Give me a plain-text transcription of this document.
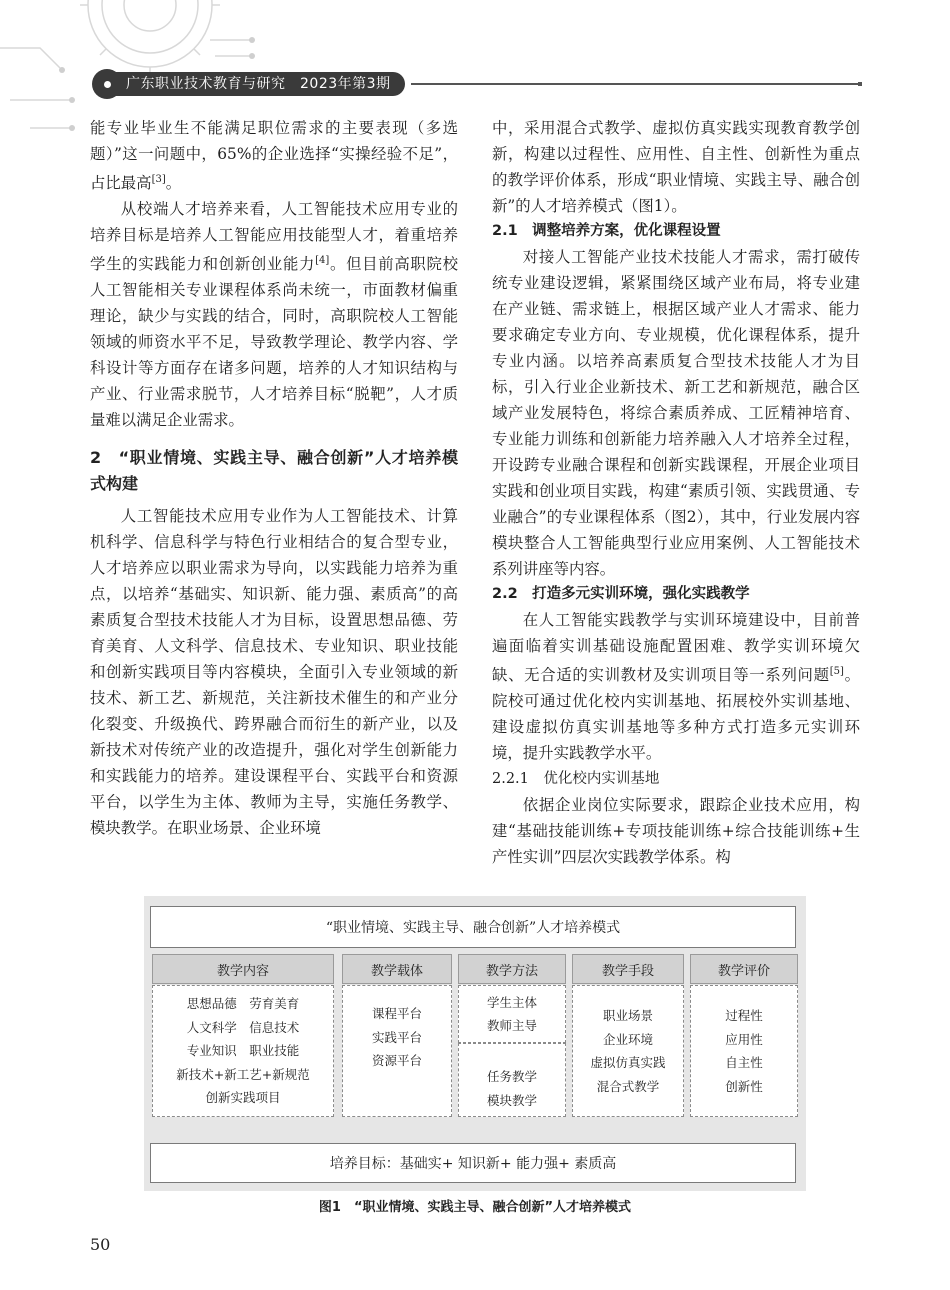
广东职业技术教育与研究  2023年第3期

能专业毕业生不能满足职位需求的主要表现（多选题）”这一问题中，65%的企业选择“实操经验不足”，占比最高[3]。

从校端人才培养来看，人工智能技术应用专业的培养目标是培养人工智能应用技能型人才，着重培养学生的实践能力和创新创业能力[4]。但目前高职院校人工智能相关专业课程体系尚未统一，市面教材偏重理论，缺少与实践的结合，同时，高职院校人工智能领域的师资水平不足，导致教学理论、教学内容、学科设计等方面存在诸多问题，培养的人才知识结构与产业、行业需求脱节，人才培养目标“脱靶”，人才质量难以满足企业需求。

2　“职业情境、实践主导、融合创新”人才培养模式构建

人工智能技术应用专业作为人工智能技术、计算机科学、信息科学与特色行业相结合的复合型专业，人才培养应以职业需求为导向，以实践能力培养为重点，以培养“基础实、知识新、能力强、素质高”的高素质复合型技术技能人才为目标，设置思想品德、劳育美育、人文科学、信息技术、专业知识、职业技能和创新实践项目等内容模块，全面引入专业领域的新技术、新工艺、新规范，关注新技术催生的和产业分化裂变、升级换代、跨界融合而衍生的新产业，以及新技术对传统产业的改造提升，强化对学生创新能力和实践能力的培养。建设课程平台、实践平台和资源平台，以学生为主体、教师为主导，实施任务教学、模块教学。在职业场景、企业环境

中，采用混合式教学、虚拟仿真实践实现教育教学创新，构建以过程性、应用性、自主性、创新性为重点的教学评价体系，形成“职业情境、实践主导、融合创新”的人才培养模式（图1）。

2.1　调整培养方案，优化课程设置

对接人工智能产业技术技能人才需求，需打破传统专业建设逻辑，紧紧围绕区域产业布局，将专业建在产业链、需求链上，根据区域产业人才需求、能力要求确定专业方向、专业规模，优化课程体系，提升专业内涵。以培养高素质复合型技术技能人才为目标，引入行业企业新技术、新工艺和新规范，融合区域产业发展特色，将综合素质养成、工匠精神培育、专业能力训练和创新能力培养融入人才培养全过程，开设跨专业融合课程和创新实践课程，开展企业项目实践和创业项目实践，构建“素质引领、实践贯通、专业融合”的专业课程体系（图2），其中，行业发展内容模块整合人工智能典型行业应用案例、人工智能技术系列讲座等内容。

2.2　打造多元实训环境，强化实践教学

在人工智能实践教学与实训环境建设中，目前普遍面临着实训基础设施配置困难、教学实训环境欠缺、无合适的实训教材及实训项目等一系列问题[5]。院校可通过优化校内实训基地、拓展校外实训基地、建设虚拟仿真实训基地等多种方式打造多元实训环境，提升实践教学水平。

2.2.1　优化校内实训基地

依据企业岗位实际要求，跟踪企业技术应用，构建“基础技能训练+专项技能训练+综合技能训练+生产性实训”四层次实践教学体系。构

“职业情境、实践主导、融合创新”人才培养模式
教学内容
思想品德　劳育美育
人文科学　信息技术
专业知识　职业技能
新技术+新工艺+新规范
创新实践项目
教学载体
课程平台
实践平台
资源平台
教学方法
学生主体
教师主导
任务教学
模块教学
教学手段
职业场景
企业环境
虚拟仿真实践
混合式教学
教学评价
过程性
应用性
自主性
创新性
培养目标：基础实+ 知识新+ 能力强+ 素质高
图1　“职业情境、实践主导、融合创新”人才培养模式
50
